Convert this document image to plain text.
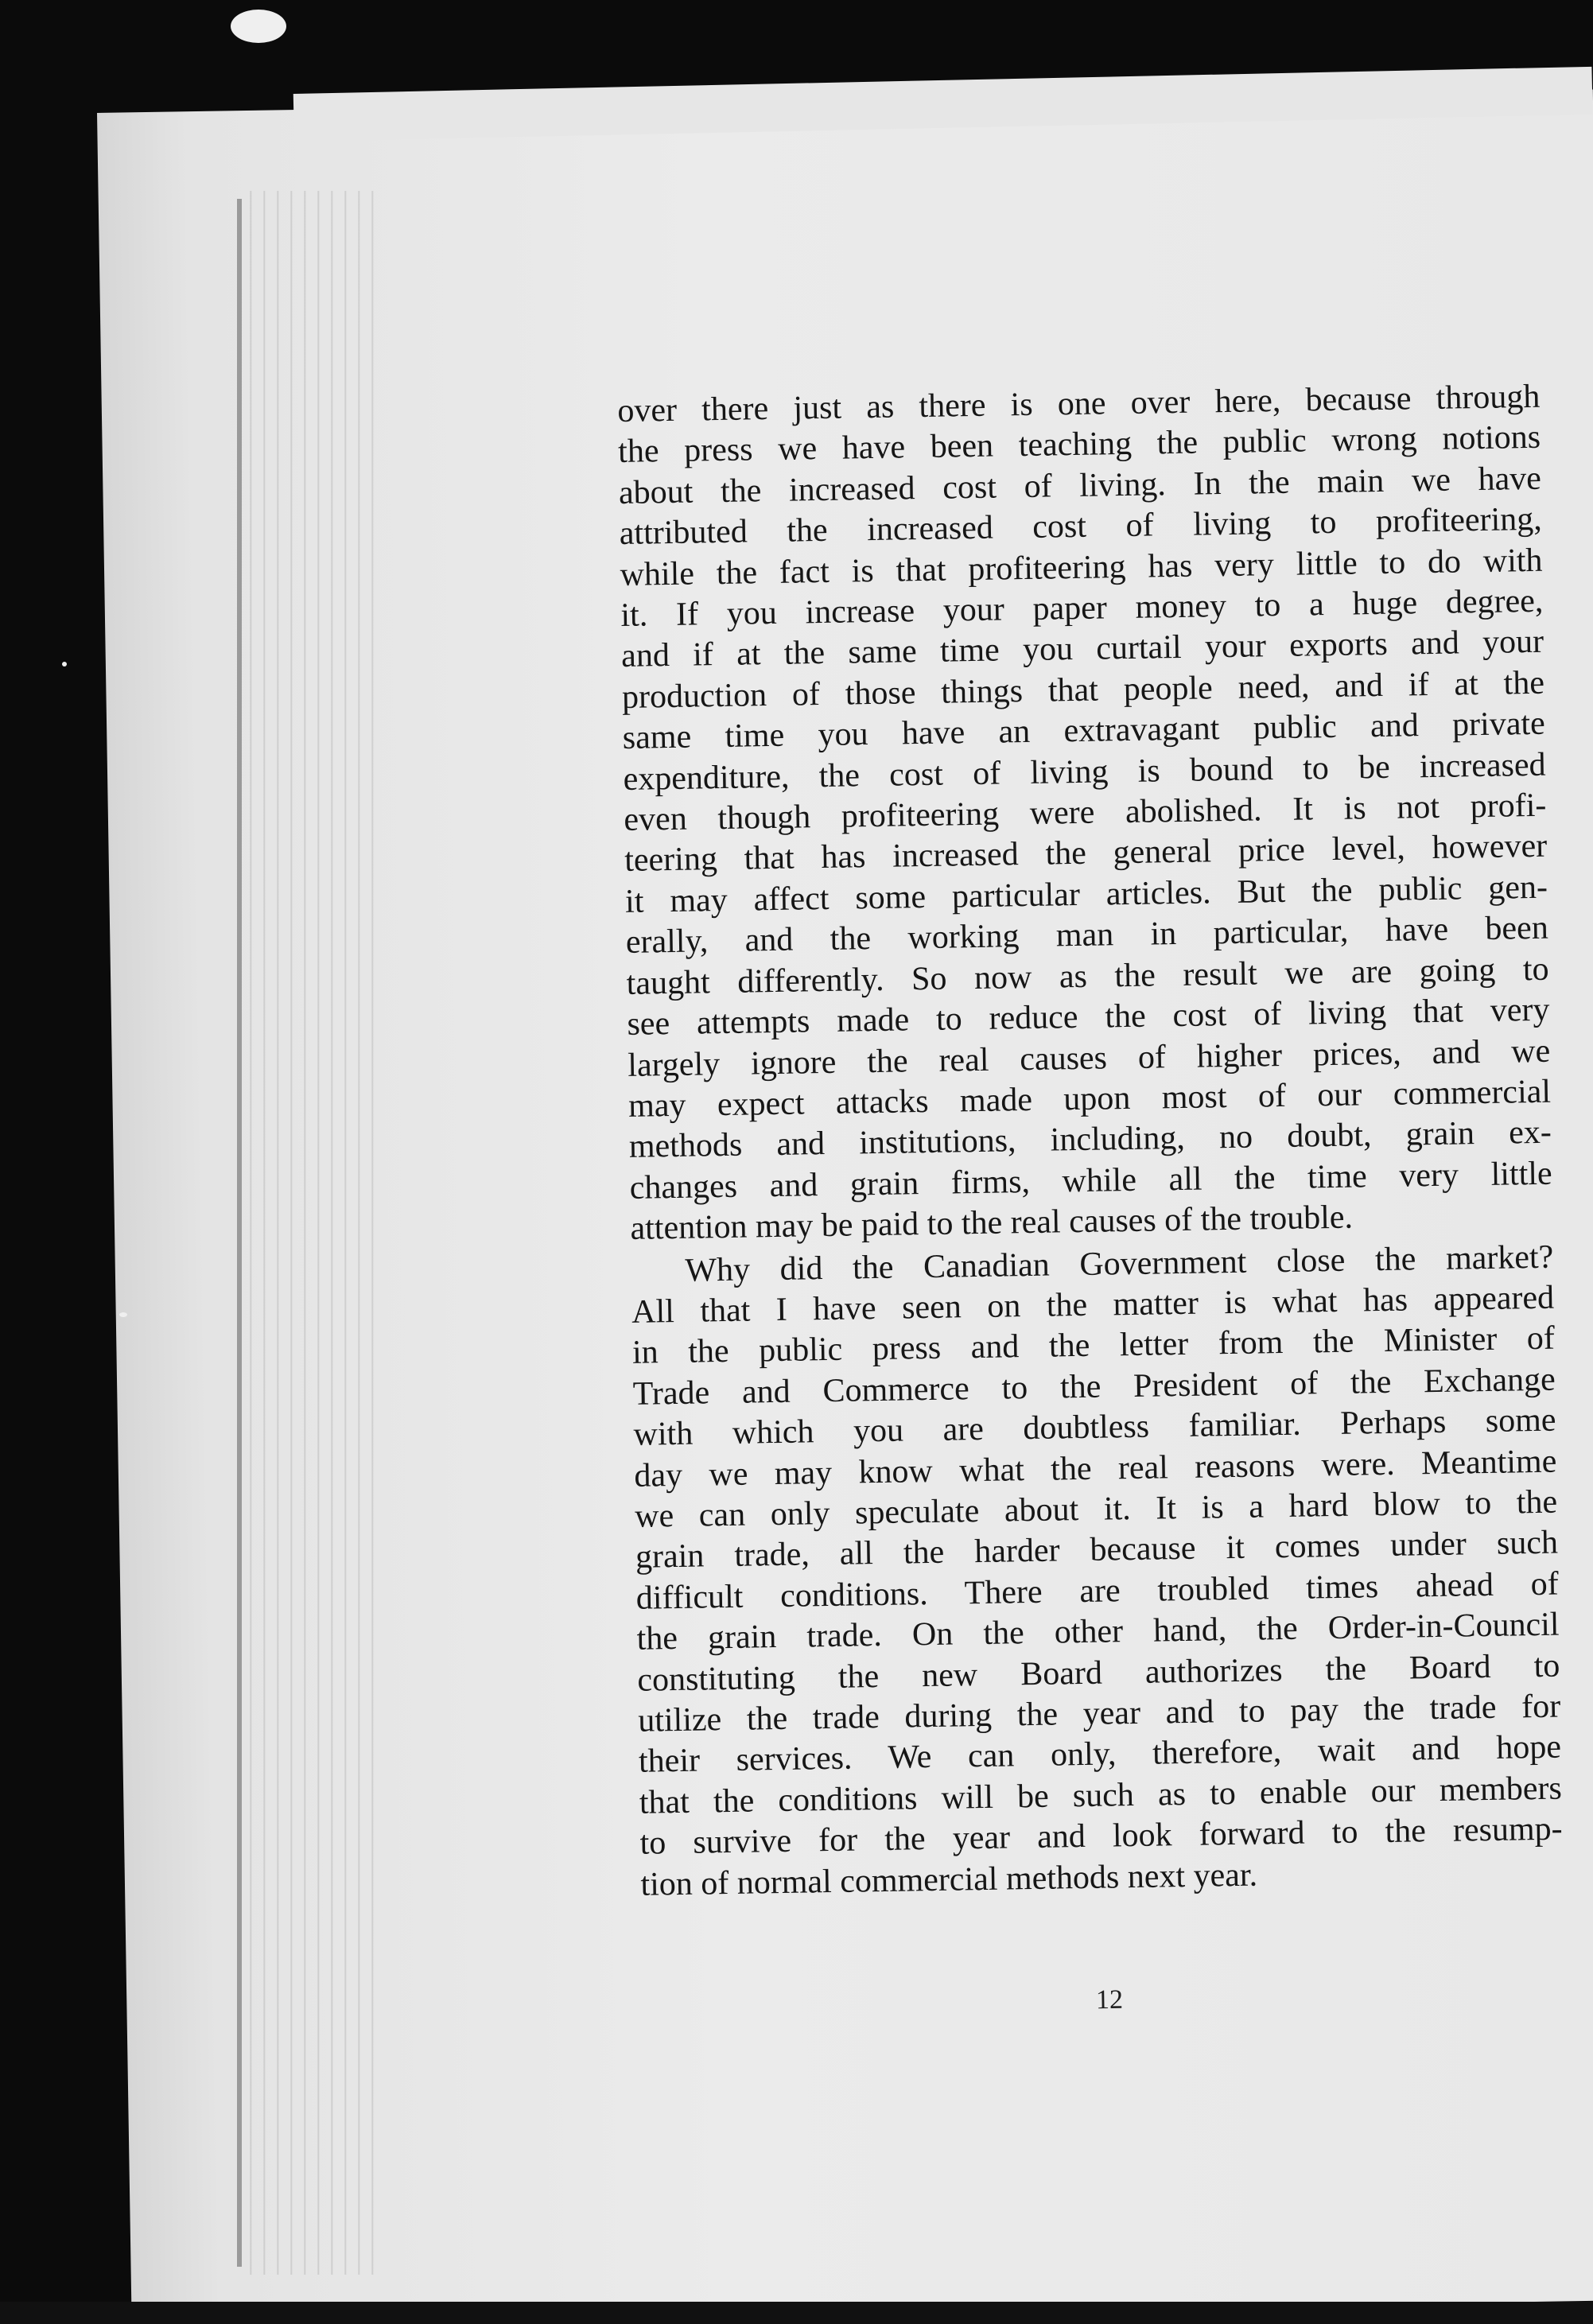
over there just as there is one over here, because through
the press we have been teaching the public wrong notions
about the increased cost of living. In the main we have
attributed the increased cost of living to profiteering,
while the fact is that profiteering has very little to do with
it. If you increase your paper money to a huge degree,
and if at the same time you curtail your exports and your
production of those things that people need, and if at the
same time you have an extravagant public and private
expenditure, the cost of living is bound to be increased
even though profiteering were abolished. It is not profi-
teering that has increased the general price level, however
it may affect some particular articles. But the public gen-
erally, and the working man in particular, have been
taught differently. So now as the result we are going to
see attempts made to reduce the cost of living that very
largely ignore the real causes of higher prices, and we
may expect attacks made upon most of our commercial
methods and institutions, including, no doubt, grain ex-
changes and grain firms, while all the time very little
attention may be paid to the real causes of the trouble.
Why did the Canadian Government close the market?
All that I have seen on the matter is what has appeared
in the public press and the letter from the Minister of
Trade and Commerce to the President of the Exchange
with which you are doubtless familiar. Perhaps some
day we may know what the real reasons were. Meantime
we can only speculate about it. It is a hard blow to the
grain trade, all the harder because it comes under such
difficult conditions. There are troubled times ahead of
the grain trade. On the other hand, the Order-in-Council
constituting the new Board authorizes the Board to
utilize the trade during the year and to pay the trade for
their services. We can only, therefore, wait and hope
that the conditions will be such as to enable our members
to survive for the year and look forward to the resump-
tion of normal commercial methods next year.
12
